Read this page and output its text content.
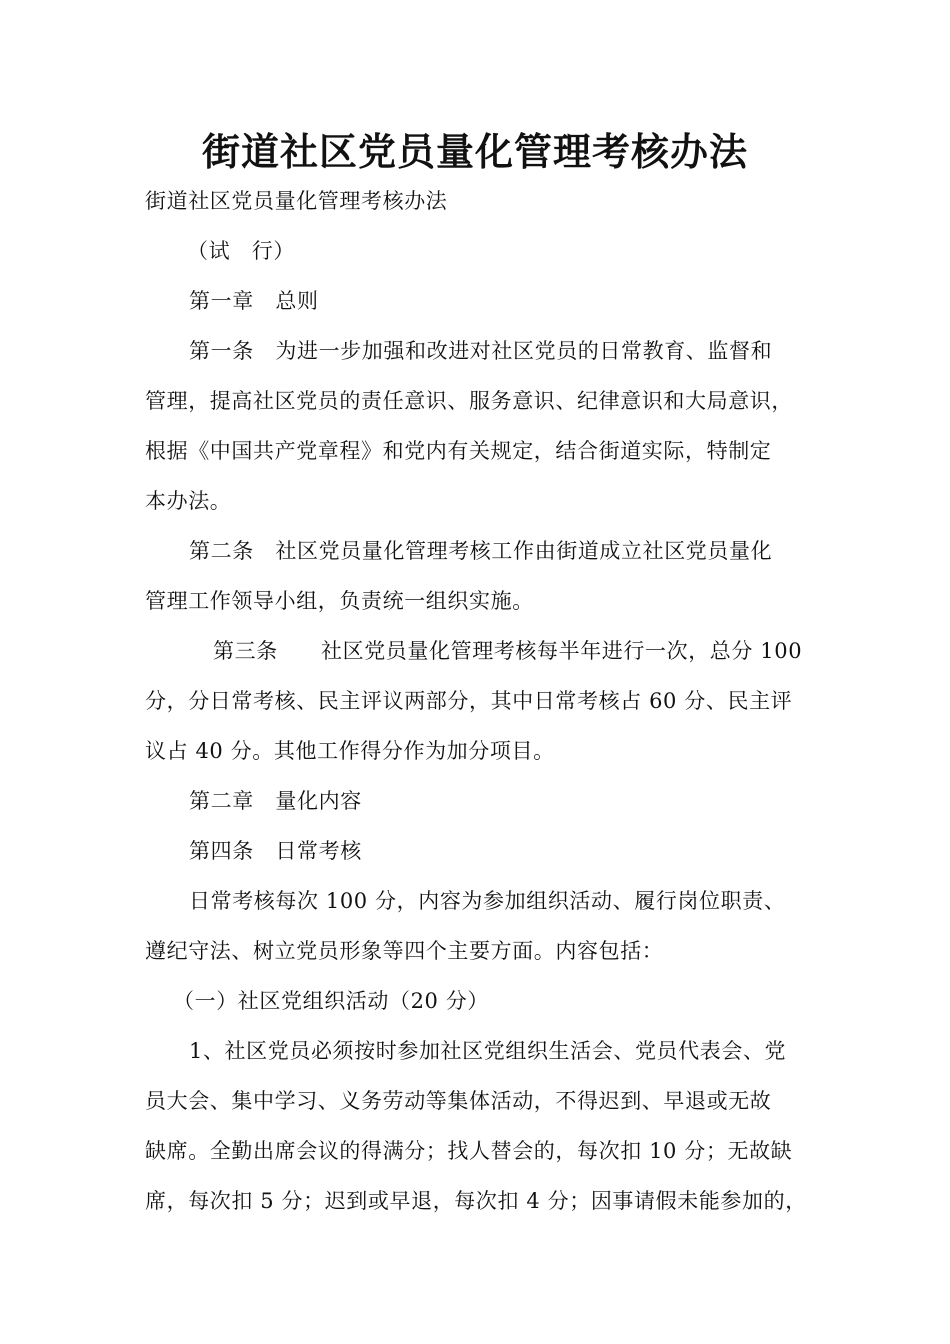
街道社区党员量化管理考核办法
街道社区党员量化管理考核办法
（试　行）
第一章　总则
第一条　为进一步加强和改进对社区党员的日常教育、监督和
管理，提高社区党员的责任意识、服务意识、纪律意识和大局意识，
根据《中国共产党章程》和党内有关规定，结合街道实际，特制定
本办法。
第二条　社区党员量化管理考核工作由街道成立社区党员量化
管理工作领导小组，负责统一组织实施。
第三条　　社区党员量化管理考核每半年进行一次，总分 100
分，分日常考核、民主评议两部分，其中日常考核占 60 分、民主评
议占 40 分。其他工作得分作为加分项目。
第二章　量化内容
第四条　日常考核
日常考核每次 100 分，内容为参加组织活动、履行岗位职责、
遵纪守法、树立党员形象等四个主要方面。内容包括：
（一）社区党组织活动（20 分）
1、社区党员必须按时参加社区党组织生活会、党员代表会、党
员大会、集中学习、义务劳动等集体活动，不得迟到、早退或无故
缺席。全勤出席会议的得满分；找人替会的，每次扣 10 分；无故缺
席，每次扣 5 分；迟到或早退，每次扣 4 分；因事请假未能参加的，
